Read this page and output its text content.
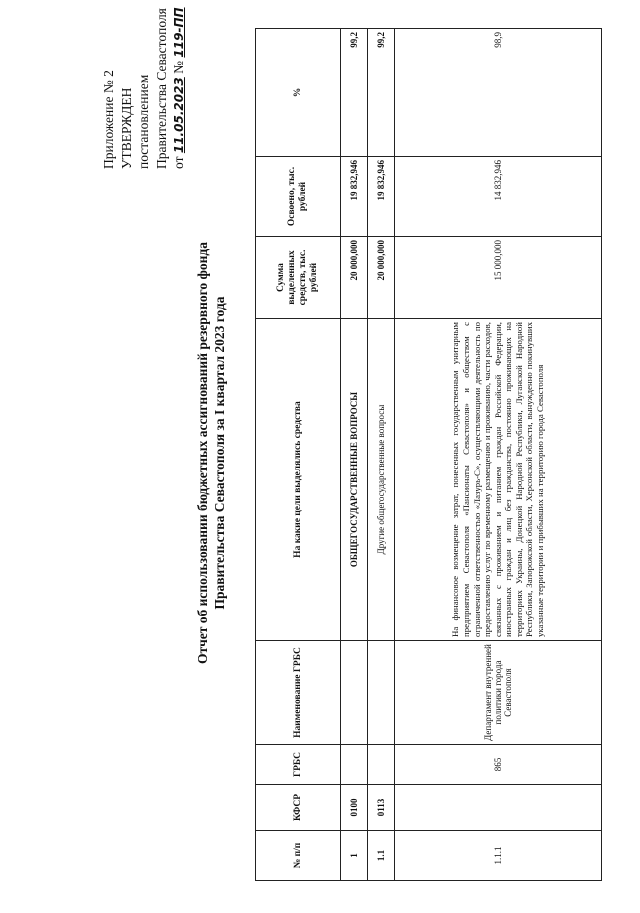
Приложение № 2 УТВЕРЖДЕН постановлением Правительства Севастополя от 11.05.2023 № 119-ПП
Отчет об использовании бюджетных ассигнований резервного фонда Правительства Севастополя за I квартал 2023 года
№ п/п	КФСР	ГРБС	Наименование ГРБС	На какие цели выделялись средства	Сумма выделенных средств, тыс. рублей	Освоено, тыс. рублей	%
1	0100			ОБЩЕГОСУДАРСТВЕННЫЕ ВОПРОСЫ	20 000,000	19 832,946	99,2
1.1	0113			Другие общегосударственные вопросы	20 000,000	19 832,946	99,2
1.1.1		865	Департамент внутренней политики города Севастополя	На финансовое возмещение затрат, понесенных государственным унитарным предприятием Севастополя «Пансионаты Севастополя» и обществом с ограниченной ответственностью «Лазурь-С», осуществляющими деятельность по предоставлению услуг по временному размещению и проживанию, части расходов, связанных с проживанием и питанием граждан Российской Федерации, иностранных граждан и лиц без гражданства, постоянно проживающих на территориях Украины, Донецкой Народной Республики, Луганской Народной Республики, Запорожской области, Херсонской области, вынужденно покинувших указанные территории и прибывших на территорию города Севастополя	15 000,000	14 832,946	98,9
